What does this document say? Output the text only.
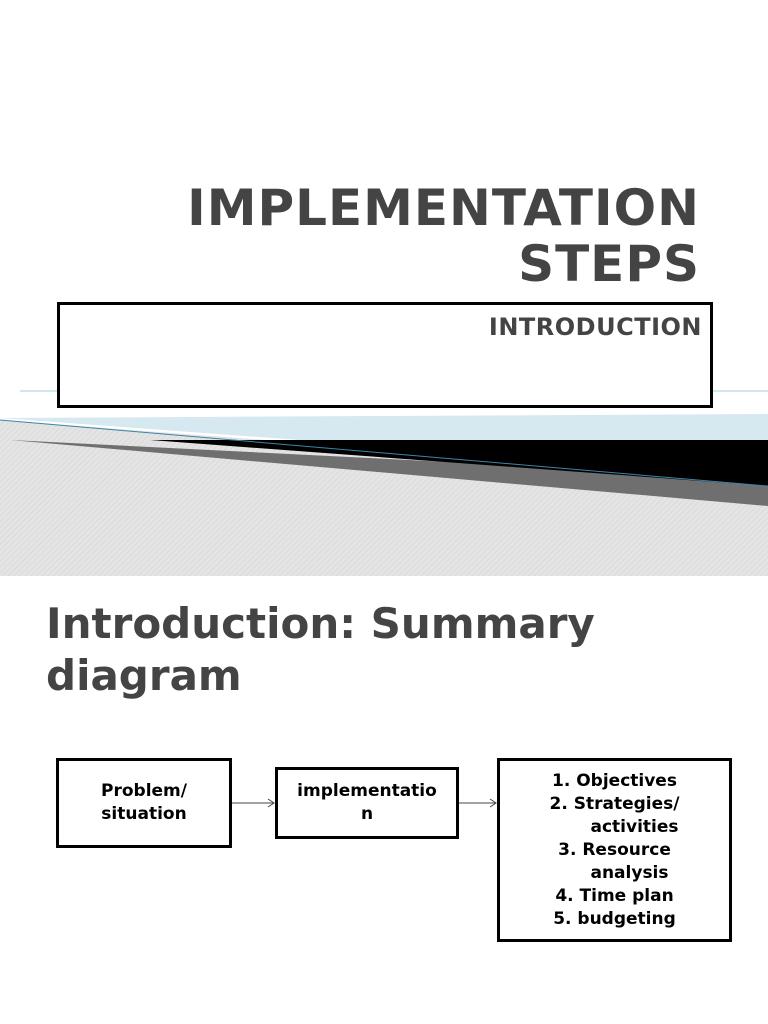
IMPLEMENTATION
STEPS
INTRODUCTION
Introduction: Summary
diagram
Problem/
situation
implementatio
n
1. Objectives
2. Strategies/
activities
3. Resource
analysis
4. Time plan
5. budgeting
